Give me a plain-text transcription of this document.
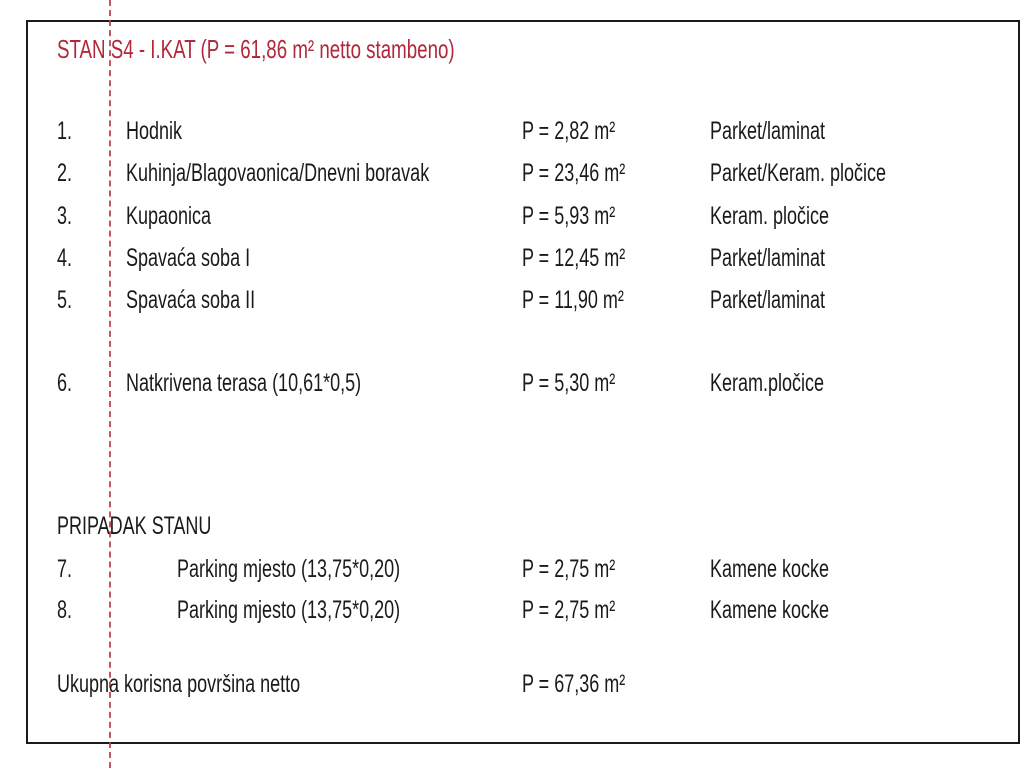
STAN S4 - I.KAT (P = 61,86 m² netto stambeno)
1. Hodnik	P = 2,82 m²	Parket/laminat
2. Kuhinja/Blagovaonica/Dnevni boravak	P = 23,46 m²	Parket/Keram. pločice
3. Kupaonica	P = 5,93 m²	Keram. pločice
4. Spavaća soba I	P = 12,45 m²	Parket/laminat
5. Spavaća soba II	P = 11,90 m²	Parket/laminat
6. Natkrivena terasa (10,61*0,5)	P = 5,30 m²	Keram.pločice
PRIPADAK STANU
7.	Parking mjesto (13,75*0,20)	P = 2,75 m²	Kamene kocke
8.	Parking mjesto (13,75*0,20)	P = 2,75 m²	Kamene kocke
Ukupna korisna površina netto	P = 67,36 m²
